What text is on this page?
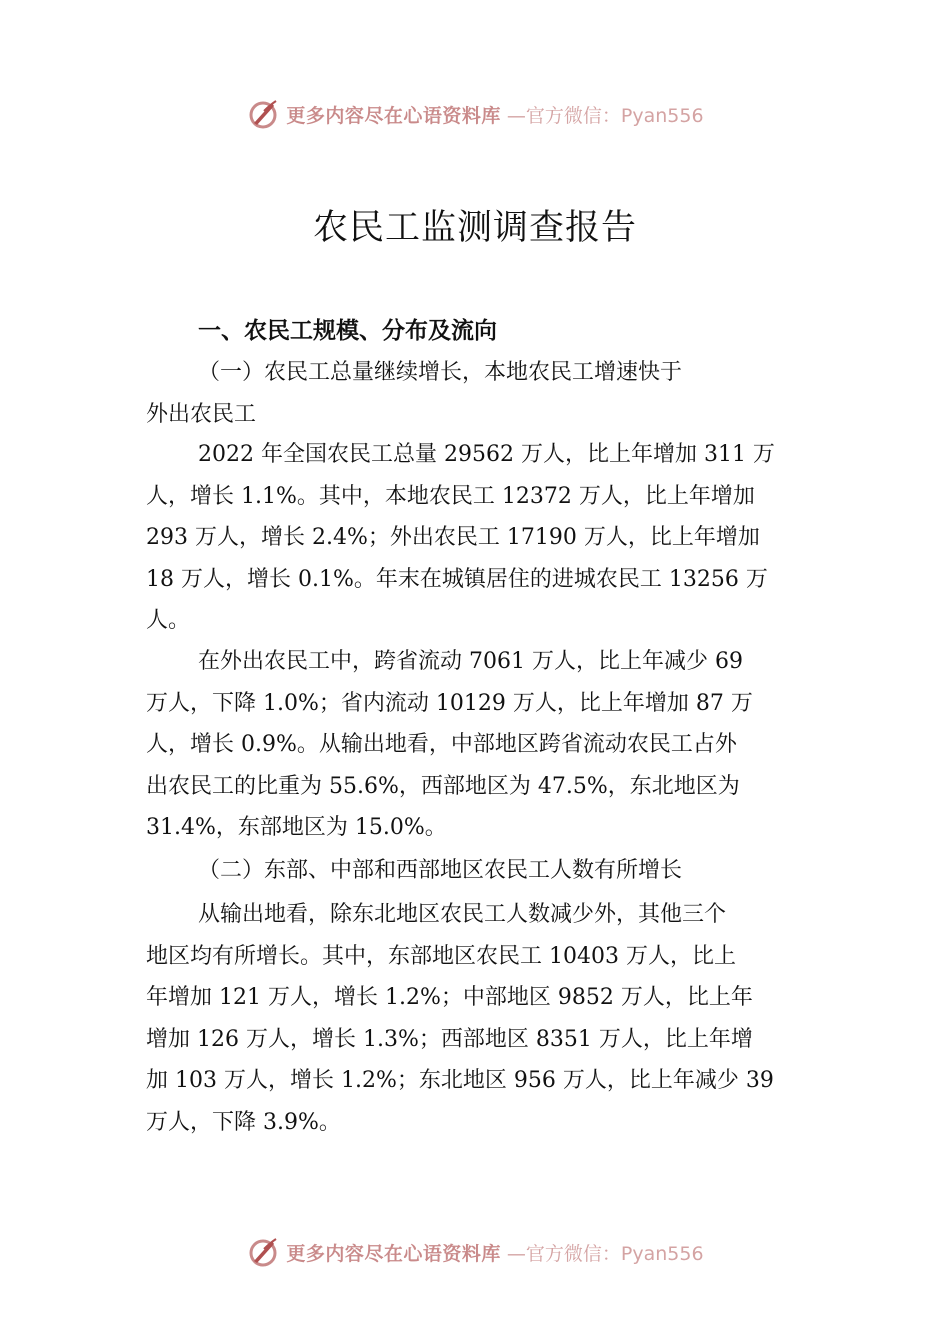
更多内容尽在心语资料库 —官方微信：Pyan556
农民工监测调查报告
一、农民工规模、分布及流向
（一）农民工总量继续增长，本地农民工增速快于
外出农民工
2022 年全国农民工总量 29562 万人，比上年增加 311 万
人，增长 1.1%。其中，本地农民工 12372 万人，比上年增加
293 万人，增长 2.4%；外出农民工 17190 万人，比上年增加
18 万人，增长 0.1%。年末在城镇居住的进城农民工 13256 万
人。
在外出农民工中，跨省流动 7061 万人，比上年减少 69
万人，下降 1.0%；省内流动 10129 万人，比上年增加 87 万
人，增长 0.9%。从输出地看，中部地区跨省流动农民工占外
出农民工的比重为 55.6%，西部地区为 47.5%，东北地区为
31.4%，东部地区为 15.0%。
（二）东部、中部和西部地区农民工人数有所增长
从输出地看，除东北地区农民工人数减少外，其他三个
地区均有所增长。其中，东部地区农民工 10403 万人，比上
年增加 121 万人，增长 1.2%；中部地区 9852 万人，比上年
增加 126 万人，增长 1.3%；西部地区 8351 万人，比上年增
加 103 万人，增长 1.2%；东北地区 956 万人，比上年减少 39
万人，下降 3.9%。
更多内容尽在心语资料库 —官方微信：Pyan556
